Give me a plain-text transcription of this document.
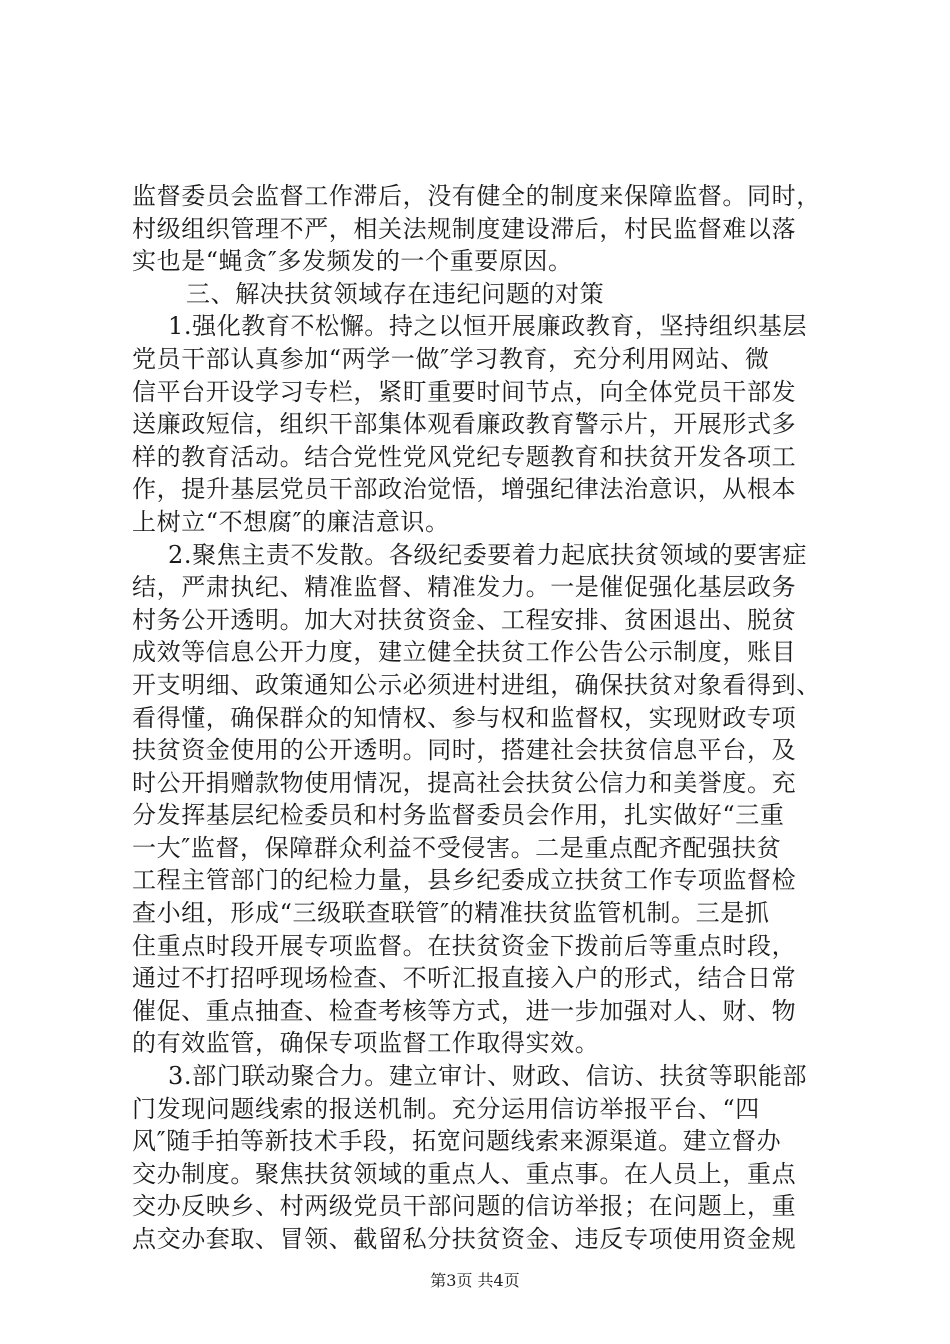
监督委员会监督工作滞后，没有健全的制度来保障监督。同时，
村级组织管理不严，相关法规制度建设滞后，村民监督难以落
实也是“蝇贪″多发频发的一个重要原因。

三、解决扶贫领域存在违纪问题的对策

1.强化教育不松懈。持之以恒开展廉政教育，坚持组织基层
党员干部认真参加“两学一做″学习教育，充分利用网站、微
信平台开设学习专栏，紧盯重要时间节点，向全体党员干部发
送廉政短信，组织干部集体观看廉政教育警示片，开展形式多
样的教育活动。结合党性党风党纪专题教育和扶贫开发各项工
作，提升基层党员干部政治觉悟，增强纪律法治意识，从根本
上树立“不想腐″的廉洁意识。

2.聚焦主责不发散。各级纪委要着力起底扶贫领域的要害症
结，严肃执纪、精准监督、精准发力。一是催促强化基层政务
村务公开透明。加大对扶贫资金、工程安排、贫困退出、脱贫
成效等信息公开力度，建立健全扶贫工作公告公示制度，账目
开支明细、政策通知公示必须进村进组，确保扶贫对象看得到、
看得懂，确保群众的知情权、参与权和监督权，实现财政专项
扶贫资金使用的公开透明。同时，搭建社会扶贫信息平台，及
时公开捐赠款物使用情况，提高社会扶贫公信力和美誉度。充
分发挥基层纪检委员和村务监督委员会作用，扎实做好“三重
一大″监督，保障群众利益不受侵害。二是重点配齐配强扶贫
工程主管部门的纪检力量，县乡纪委成立扶贫工作专项监督检
查小组，形成“三级联查联管″的精准扶贫监管机制。三是抓
住重点时段开展专项监督。在扶贫资金下拨前后等重点时段，
通过不打招呼现场检查、不听汇报直接入户的形式，结合日常
催促、重点抽查、检查考核等方式，进一步加强对人、财、物
的有效监管，确保专项监督工作取得实效。

3.部门联动聚合力。建立审计、财政、信访、扶贫等职能部
门发现问题线索的报送机制。充分运用信访举报平台、“四
风″随手拍等新技术手段，拓宽问题线索来源渠道。建立督办
交办制度。聚焦扶贫领域的重点人、重点事。在人员上，重点
交办反映乡、村两级党员干部问题的信访举报；在问题上，重
点交办套取、冒领、截留私分扶贫资金、违反专项使用资金规

第3页 共4页
